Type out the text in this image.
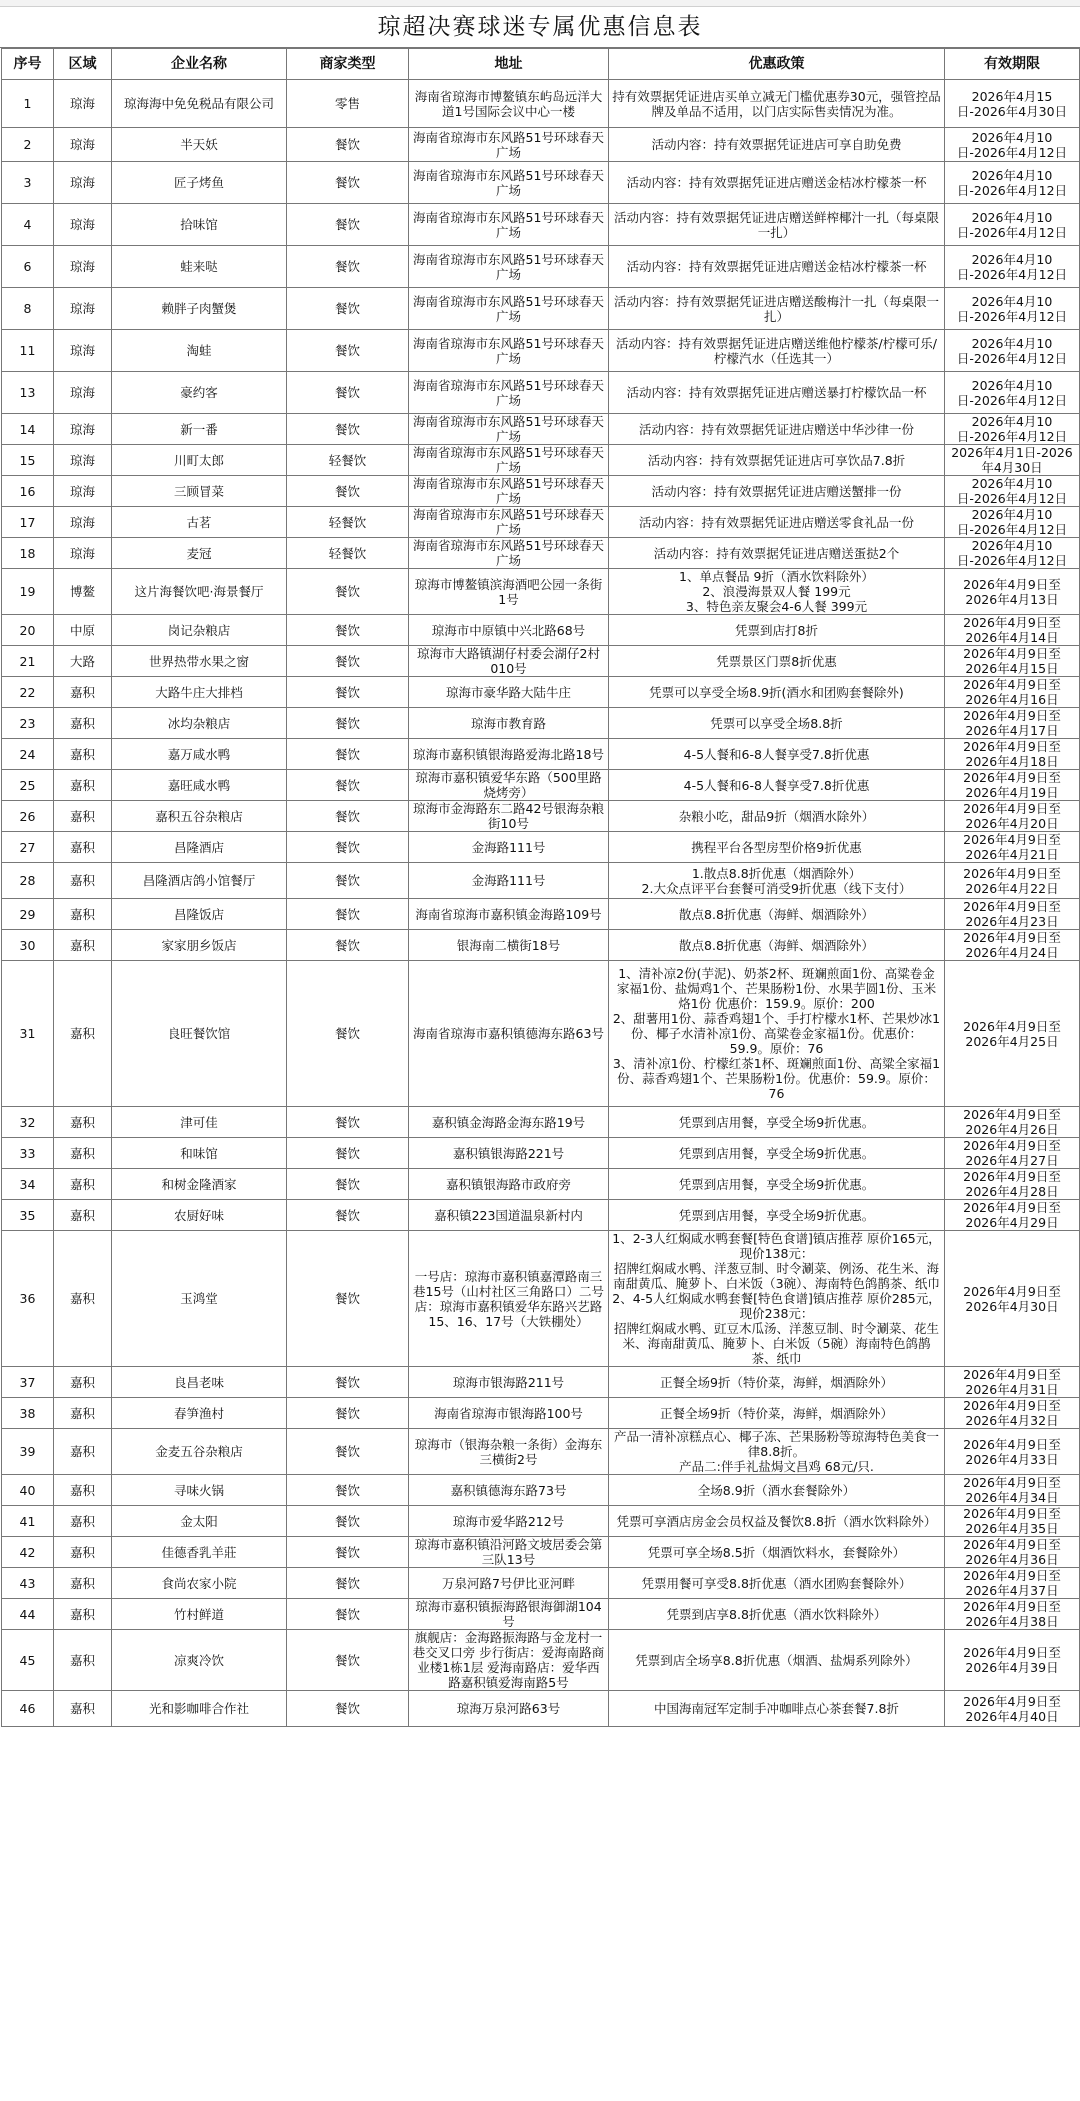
琼超决赛球迷专属优惠信息表
序号	区域	企业名称	商家类型	地址	优惠政策	有效期限
1	琼海	琼海海中免免税品有限公司	零售	海南省琼海市博鳌镇东屿岛远洋大道1号国际会议中心一楼	持有效票据凭证进店买单立减无门槛优惠券30元，强管控品牌及单品不适用，以门店实际售卖情况为准。	2026年4月15日-2026年4月30日
2	琼海	半天妖	餐饮	海南省琼海市东风路51号环球春天广场	活动内容：持有效票据凭证进店可享自助免费	2026年4月10日-2026年4月12日
3	琼海	匠子烤鱼	餐饮	海南省琼海市东风路51号环球春天广场	活动内容：持有效票据凭证进店赠送金桔冰柠檬茶一杯	2026年4月10日-2026年4月12日
4	琼海	拾味馆	餐饮	海南省琼海市东风路51号环球春天广场	活动内容：持有效票据凭证进店赠送鲜榨椰汁一扎（每桌限一扎）	2026年4月10日-2026年4月12日
6	琼海	蛙来哒	餐饮	海南省琼海市东风路51号环球春天广场	活动内容：持有效票据凭证进店赠送金桔冰柠檬茶一杯	2026年4月10日-2026年4月12日
8	琼海	赖胖子肉蟹煲	餐饮	海南省琼海市东风路51号环球春天广场	活动内容：持有效票据凭证进店赠送酸梅汁一扎（每桌限一扎）	2026年4月10日-2026年4月12日
11	琼海	淘蛙	餐饮	海南省琼海市东风路51号环球春天广场	活动内容：持有效票据凭证进店赠送维他柠檬茶/柠檬可乐/柠檬汽水（任选其一）	2026年4月10日-2026年4月12日
13	琼海	豪约客	餐饮	海南省琼海市东风路51号环球春天广场	活动内容：持有效票据凭证进店赠送暴打柠檬饮品一杯	2026年4月10日-2026年4月12日
14	琼海	新一番	餐饮	海南省琼海市东风路51号环球春天广场	活动内容：持有效票据凭证进店赠送中华沙律一份	2026年4月10日-2026年4月12日
15	琼海	川町太郎	轻餐饮	海南省琼海市东风路51号环球春天广场	活动内容：持有效票据凭证进店可享饮品7.8折	2026年4月1日-2026年4月30日
16	琼海	三顾冒菜	餐饮	海南省琼海市东风路51号环球春天广场	活动内容：持有效票据凭证进店赠送蟹排一份	2026年4月10日-2026年4月12日
17	琼海	古茗	轻餐饮	海南省琼海市东风路51号环球春天广场	活动内容：持有效票据凭证进店赠送零食礼品一份	2026年4月10日-2026年4月12日
18	琼海	麦冠	轻餐饮	海南省琼海市东风路51号环球春天广场	活动内容：持有效票据凭证进店赠送蛋挞2个	2026年4月10日-2026年4月12日
19	博鳌	这片海餐饮吧·海景餐厅	餐饮	琼海市博鳌镇滨海酒吧公园一条街1号	1、单点餐品 9折（酒水饮料除外）
2、浪漫海景双人餐 199元
3、特色亲友聚会4-6人餐 399元	2026年4月9日至2026年4月13日
20	中原	岗记杂粮店	餐饮	琼海市中原镇中兴北路68号	凭票到店打8折	2026年4月9日至2026年4月14日
21	大路	世界热带水果之窗	餐饮	琼海市大路镇湖仔村委会湖仔2村010号	凭票景区门票8折优惠	2026年4月9日至2026年4月15日
22	嘉积	大路牛庄大排档	餐饮	琼海市豪华路大陆牛庄	凭票可以享受全场8.9折(酒水和团购套餐除外)	2026年4月9日至2026年4月16日
23	嘉积	冰均杂粮店	餐饮	琼海市教育路	凭票可以享受全场8.8折	2026年4月9日至2026年4月17日
24	嘉积	嘉万咸水鸭	餐饮	琼海市嘉积镇银海路爱海北路18号	4-5人餐和6-8人餐享受7.8折优惠	2026年4月9日至2026年4月18日
25	嘉积	嘉旺咸水鸭	餐饮	琼海市嘉积镇爱华东路（500里路烧烤旁）	4-5人餐和6-8人餐享受7.8折优惠	2026年4月9日至2026年4月19日
26	嘉积	嘉积五谷杂粮店	餐饮	琼海市金海路东二路42号银海杂粮街10号	杂粮小吃，甜品9折（烟酒水除外）	2026年4月9日至2026年4月20日
27	嘉积	昌隆酒店	餐饮	金海路111号	携程平台各型房型价格9折优惠	2026年4月9日至2026年4月21日
28	嘉积	昌隆酒店鸽小馆餐厅	餐饮	金海路111号	1.散点8.8折优惠（烟酒除外）
2.大众点评平台套餐可消受9折优惠（线下支付）	2026年4月9日至2026年4月22日
29	嘉积	昌隆饭店	餐饮	海南省琼海市嘉积镇金海路109号	散点8.8折优惠（海鲜、烟酒除外）	2026年4月9日至2026年4月23日
30	嘉积	家家朋乡饭店	餐饮	银海南二横街18号	散点8.8折优惠（海鲜、烟酒除外）	2026年4月9日至2026年4月24日
31	嘉积	良旺餐饮馆	餐饮	海南省琼海市嘉积镇德海东路63号	1、清补凉2份(芋泥)、奶茶2杯、斑斓煎面1份、高粱卷金家福1份、盐焗鸡1个、芒果肠粉1份、水果芋圆1份、玉米烙1份 优惠价：159.9。原价：200
2、甜薯用1份、蒜香鸡翅1个、手打柠檬水1杯、芒果炒冰1份、椰子水清补凉1份、高粱卷金家福1份。优惠价：59.9。原价：76
3、清补凉1份、柠檬红茶1杯、斑斓煎面1份、高粱全家福1份、蒜香鸡翅1个、芒果肠粉1份。优惠价：59.9。原价：76	2026年4月9日至2026年4月25日
32	嘉积	津可佳	餐饮	嘉积镇金海路金海东路19号	凭票到店用餐，享受全场9折优惠。	2026年4月9日至2026年4月26日
33	嘉积	和味馆	餐饮	嘉积镇银海路221号	凭票到店用餐，享受全场9折优惠。	2026年4月9日至2026年4月27日
34	嘉积	和树金隆酒家	餐饮	嘉积镇银海路市政府旁	凭票到店用餐，享受全场9折优惠。	2026年4月9日至2026年4月28日
35	嘉积	农厨好味	餐饮	嘉积镇223国道温泉新村内	凭票到店用餐，享受全场9折优惠。	2026年4月9日至2026年4月29日
36	嘉积	玉鸿堂	餐饮	一号店：琼海市嘉积镇嘉潭路南三巷15号（山村社区三角路口）二号店：琼海市嘉积镇爱华东路兴艺路15、16、17号（大铁棚处）	1、2-3人红焖咸水鸭套餐[特色食谱]镇店推荐 原价165元，现价138元：
招牌红焖咸水鸭、洋葱豆制、时令涮菜、例汤、花生米、海南甜黄瓜、腌萝卜、白米饭（3碗）、海南特色鸽鹊茶、纸巾
2、4-5人红焖咸水鸭套餐[特色食谱]镇店推荐 原价285元，现价238元：
招牌红焖咸水鸭、豇豆木瓜汤、洋葱豆制、时令涮菜、花生米、海南甜黄瓜、腌萝卜、白米饭（5碗）海南特色鸽鹊茶、纸巾	2026年4月9日至2026年4月30日
37	嘉积	良昌老味	餐饮	琼海市银海路211号	正餐全场9折（特价菜，海鲜，烟酒除外）	2026年4月9日至2026年4月31日
38	嘉积	春笋渔村	餐饮	海南省琼海市银海路100号	正餐全场9折（特价菜，海鲜，烟酒除外）	2026年4月9日至2026年4月32日
39	嘉积	金麦五谷杂粮店	餐饮	琼海市（银海杂粮一条街）金海东三横街2号	产品一清补凉糕点心、椰子冻、芒果肠粉等琼海特色美食一律8.8折。
产品二:伴手礼盐焗文昌鸡 68元/只.	2026年4月9日至2026年4月33日
40	嘉积	寻味火锅	餐饮	嘉积镇德海东路73号	全场8.9折（酒水套餐除外）	2026年4月9日至2026年4月34日
41	嘉积	金太阳	餐饮	琼海市爱华路212号	凭票可享酒店房金会员权益及餐饮8.8折（酒水饮料除外）	2026年4月9日至2026年4月35日
42	嘉积	佳德香乳羊莊	餐饮	琼海市嘉积镇沿河路文坡居委会第三队13号	凭票可享全场8.5折（烟酒饮料水，套餐除外）	2026年4月9日至2026年4月36日
43	嘉积	食尚农家小院	餐饮	万泉河路7号伊比亚河畔	凭票用餐可享受8.8折优惠（酒水团购套餐除外）	2026年4月9日至2026年4月37日
44	嘉积	竹村鲜道	餐饮	琼海市嘉积镇振海路银海御湖104号	凭票到店享8.8折优惠（酒水饮料除外）	2026年4月9日至2026年4月38日
45	嘉积	凉爽冷饮	餐饮	旗舰店：金海路振海路与金龙村一巷交叉口旁 步行街店：爱海南路商业楼1栋1层 爱海南路店：爱华西路嘉积镇爱海南路5号	凭票到店全场享8.8折优惠（烟酒、盐焗系列除外）	2026年4月9日至2026年4月39日
46	嘉积	光和影咖啡合作社	餐饮	琼海万泉河路63号	中国海南冠军定制手冲咖啡点心茶套餐7.8折	2026年4月9日至2026年4月40日
